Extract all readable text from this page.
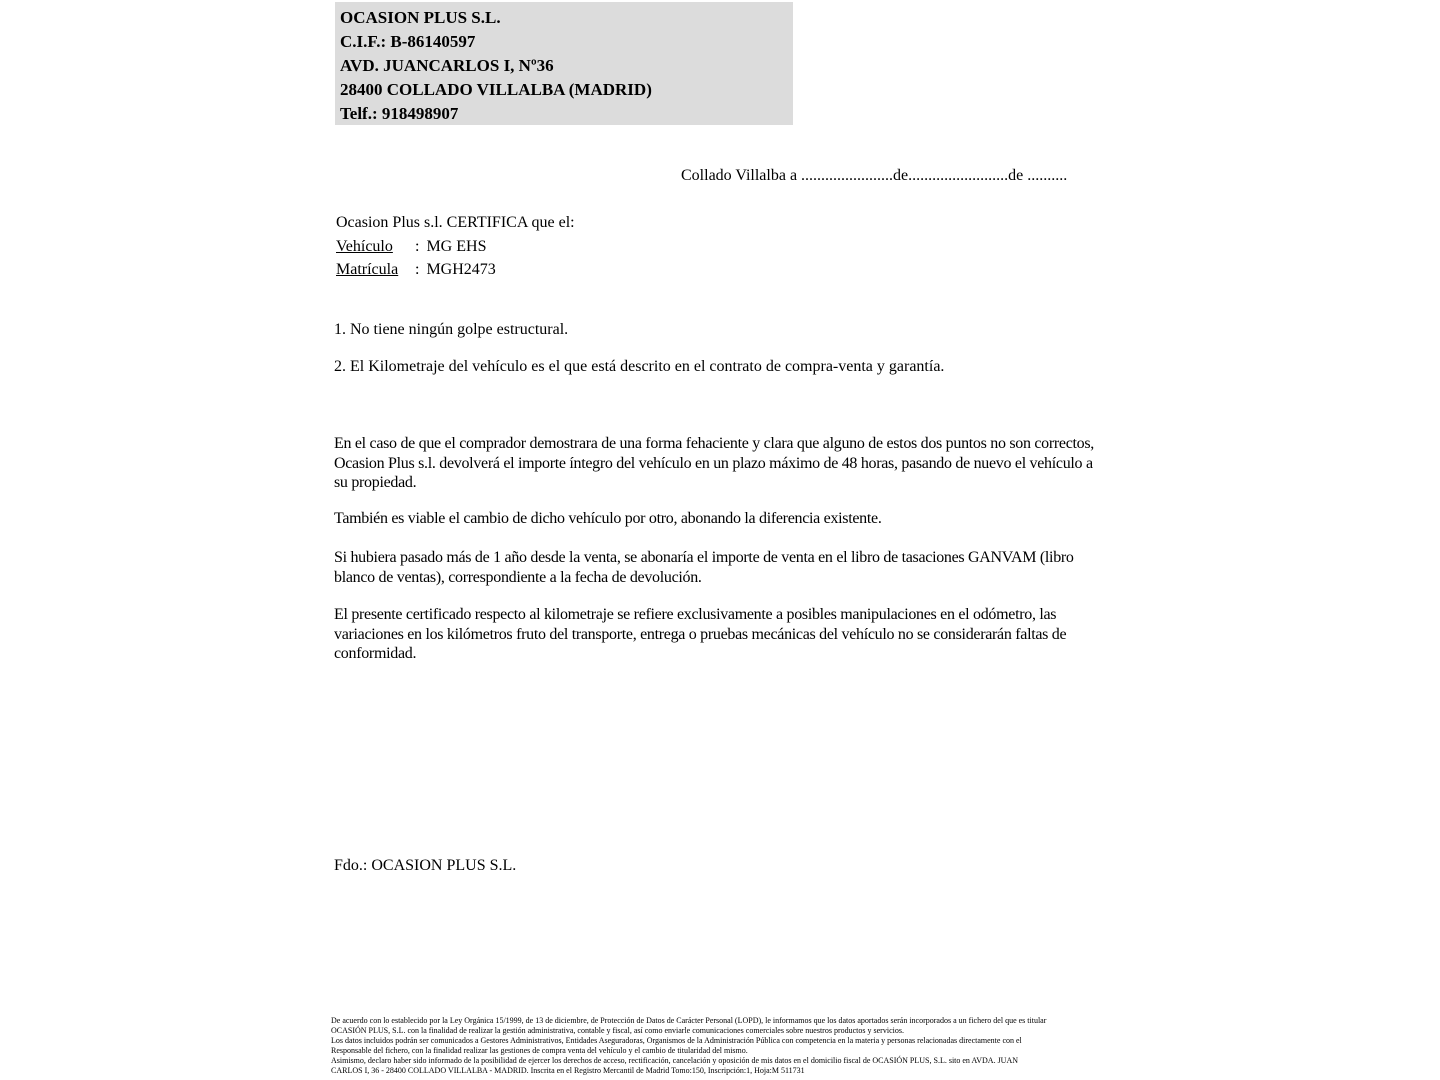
OCASION PLUS S.L.
C.I.F.: B-86140597
AVD. JUANCARLOS I, Nº36
28400 COLLADO VILLALBA (MADRID)
Telf.: 918498907
Collado Villalba a .......................de.........................de ..........
Ocasion Plus s.l. CERTIFICA que el:
Vehículo : MG EHS
Matrícula : MGH2473

1. No tiene ningún golpe estructural.

2. El Kilometraje del vehículo es el que está descrito en el contrato de compra-venta y garantía.

En el caso de que el comprador demostrara de una forma fehaciente y clara que alguno de estos dos puntos no son correctos, Ocasion Plus s.l. devolverá el importe íntegro del vehículo en un plazo máximo de 48 horas, pasando de nuevo el vehículo a su propiedad.

También es viable el cambio de dicho vehículo por otro, abonando la diferencia existente.

Si hubiera pasado más de 1 año desde la venta, se abonaría el importe de venta en el libro de tasaciones GANVAM (libro blanco de ventas), correspondiente a la fecha de devolución.

El presente certificado respecto al kilometraje se refiere exclusivamente a posibles manipulaciones en el odómetro, las variaciones en los kilómetros fruto del transporte, entrega o pruebas mecánicas del vehículo no se considerarán faltas de conformidad.

Fdo.: OCASION PLUS S.L.
De acuerdo con lo establecido por la Ley Orgánica 15/1999, de 13 de diciembre, de Protección de Datos de Carácter Personal (LOPD), le informamos que los datos aportados serán incorporados a un fichero del que es titular
OCASIÓN PLUS, S.L. con la finalidad de realizar la gestión administrativa, contable y fiscal, así como enviarle comunicaciones comerciales sobre nuestros productos y servicios.
Los datos incluidos podrán ser comunicados a Gestores Administrativos, Entidades Aseguradoras, Organismos de la Administración Pública con competencia en la materia y personas relacionadas directamente con el
Responsable del fichero, con la finalidad realizar las gestiones de compra venta del vehículo y el cambio de titularidad del mismo.
Asimismo, declaro haber sido informado de la posibilidad de ejercer los derechos de acceso, rectificación, cancelación y oposición de mis datos en el domicilio fiscal de OCASIÓN PLUS, S.L. sito en AVDA. JUAN
CARLOS I, 36 - 28400 COLLADO VILLALBA - MADRID. Inscrita en el Registro Mercantil de Madrid Tomo:150, Inscripción:1, Hoja:M 511731
